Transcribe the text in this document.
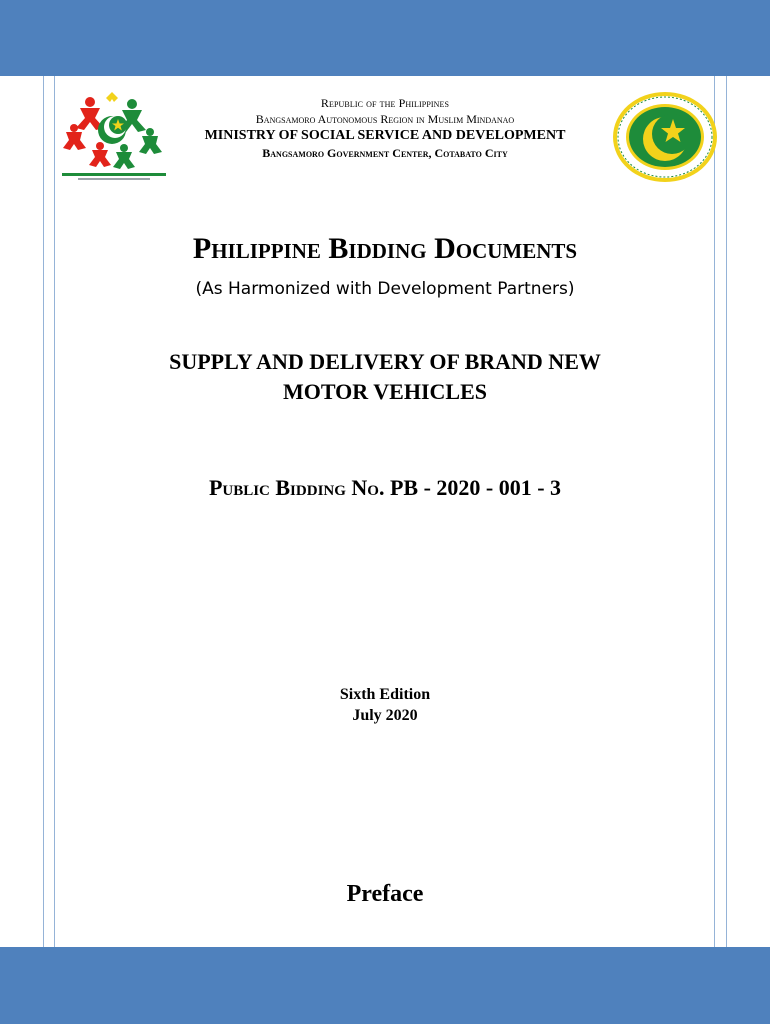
Republic of the Philippines
Bangsamoro Autonomous Region in Muslim Mindanao
MINISTRY OF SOCIAL SERVICE AND DEVELOPMENT
Bangsamoro Government Center, Cotabato City
Philippine Bidding Documents
(As Harmonized with Development Partners)
SUPPLY AND DELIVERY OF BRAND NEW
MOTOR VEHICLES
Public Bidding No. PB - 2020 - 001 - 3
Sixth Edition
July 2020
Preface
